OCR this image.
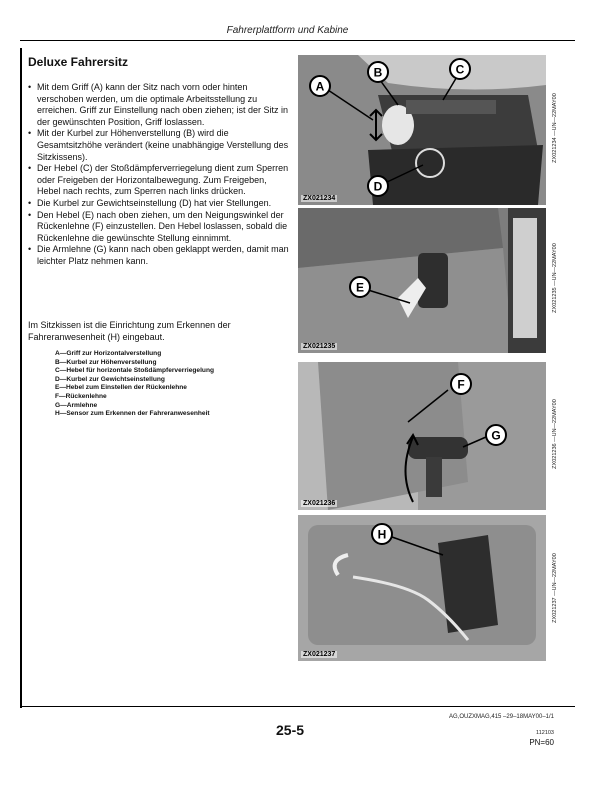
Fahrerplattform und Kabine
Deluxe Fahrersitz
• Mit dem Griff (A) kann der Sitz nach vorn oder hinten verschoben werden, um die optimale Arbeitsstellung zu erreichen. Griff zur Einstellung nach oben ziehen; ist der Sitz in der gewünschten Position, Griff loslassen.
• Mit der Kurbel zur Höhenverstellung (B) wird die Gesamtsitzhöhe verändert (keine unabhängige Verstellung des Sitzkissens).
• Der Hebel (C) der Stoßdämpferverriegelung dient zum Sperren oder Freigeben der Horizontalbewegung. Zum Freigeben, Hebel nach rechts, zum Sperren nach links drücken.
• Die Kurbel zur Gewichtseinstellung (D) hat vier Stellungen.
• Den Hebel (E) nach oben ziehen, um den Neigungswinkel der Rückenlehne (F) einzustellen. Den Hebel loslassen, sobald die Rückenlehne die gewünschte Stellung einnimmt.
• Die Armlehne (G) kann nach oben geklappt werden, damit man leichter Platz nehmen kann.
Im Sitzkissen ist die Einrichtung zum Erkennen der Fahreranwesenheit (H) eingebaut.
A—Griff zur Horizontalverstellung
B—Kurbel zur Höhenverstellung
C—Hebel für horizontale Stoßdämpferverriegelung
D—Kurbel zur Gewichtseinstellung
E—Hebel zum Einstellen der Rückenlehne
F—Rückenlehne
G—Armlehne
H—Sensor zum Erkennen der Fahreranwesenheit
A
B	C
D
ZX021234
ZX021234 —UN—22MAY00
E
ZX021235
ZX021235 —UN—22MAY00
F
G
ZX021236
ZX021236 —UN—22MAY00
H
ZX021237
ZX021237 —UN—22MAY00
AG,OUZXMAG,415 –29–18MAY00–1/1
25-5	112103
PN=60
